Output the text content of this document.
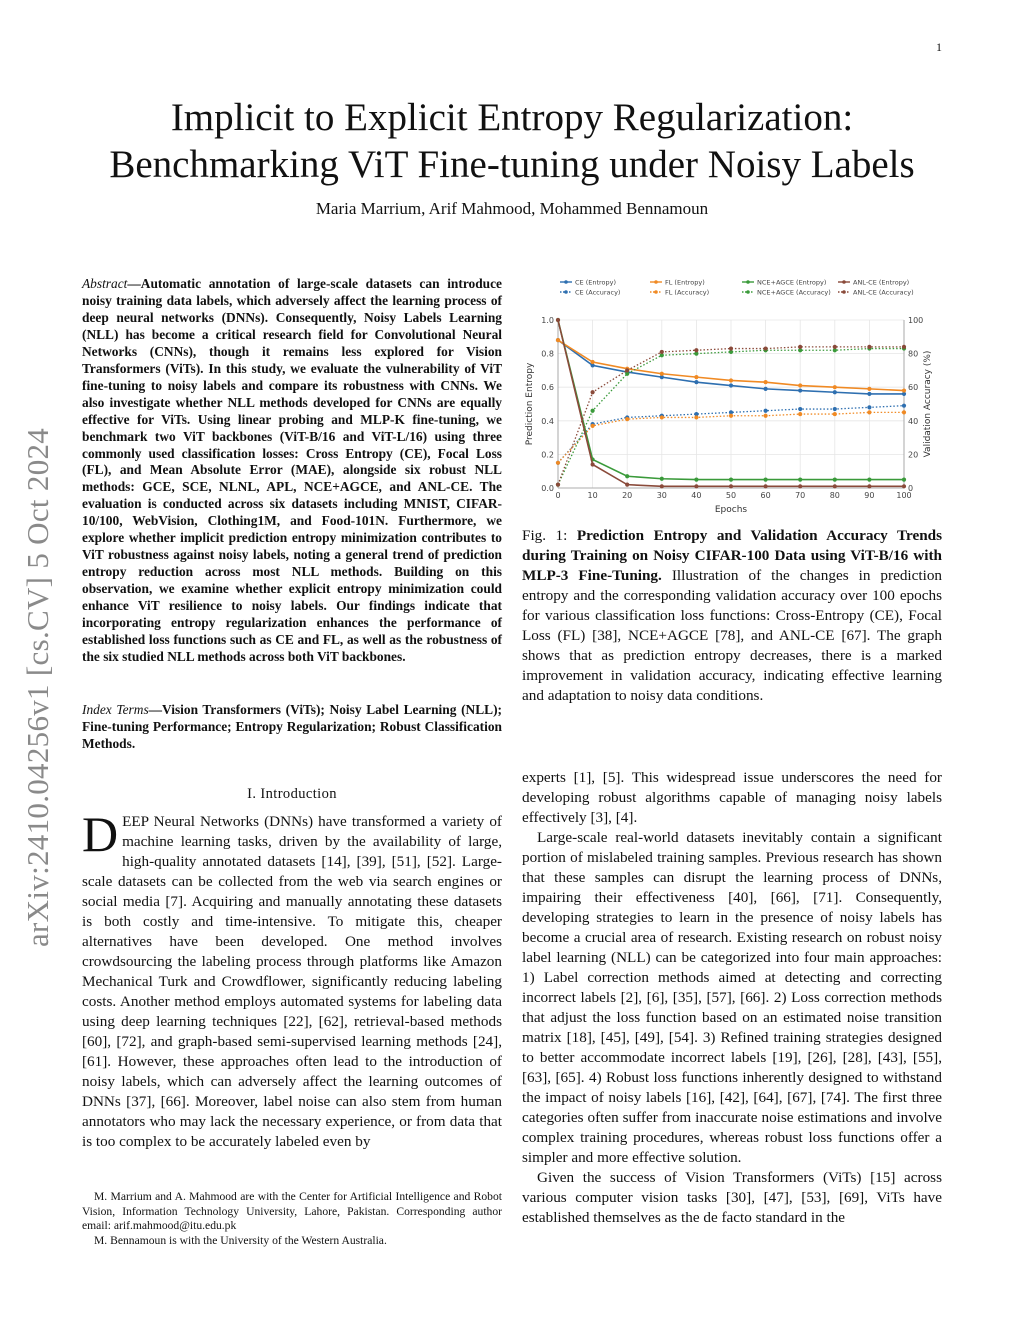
1
arXiv:2410.04256v1 [cs.CV] 5 Oct 2024
Implicit to Explicit Entropy Regularization:
Benchmarking ViT Fine-tuning under Noisy Labels
Maria Marrium, Arif Mahmood, Mohammed Bennamoun
Abstract—Automatic annotation of large-scale datasets can introduce noisy training data labels, which adversely affect the learning process of deep neural networks (DNNs). Consequently, Noisy Labels Learning (NLL) has become a critical research field for Convolutional Neural Networks (CNNs), though it remains less explored for Vision Transformers (ViTs). In this study, we evaluate the vulnerability of ViT fine-tuning to noisy labels and compare its robustness with CNNs. We also investigate whether NLL methods developed for CNNs are equally effective for ViTs. Using linear probing and MLP-K fine-tuning, we benchmark two ViT backbones (ViT-B/16 and ViT-L/16) using three commonly used classification losses: Cross Entropy (CE), Focal Loss (FL), and Mean Absolute Error (MAE), alongside six robust NLL methods: GCE, SCE, NLNL, APL, NCE+AGCE, and ANL-CE. The evaluation is conducted across six datasets including MNIST, CIFAR-10/100, WebVision, Clothing1M, and Food-101N. Furthermore, we explore whether implicit prediction entropy minimization contributes to ViT robustness against noisy labels, noting a general trend of prediction entropy reduction across most NLL methods. Building on this observation, we examine whether explicit entropy minimization could enhance ViT resilience to noisy labels. Our findings indicate that incorporating entropy regularization enhances the performance of established loss functions such as CE and FL, as well as the robustness of the six studied NLL methods across both ViT backbones.
Index Terms—Vision Transformers (ViTs); Noisy Label Learning (NLL); Fine-tuning Performance; Entropy Regularization; Robust Classification Methods.
I. Introduction
DEEP Neural Networks (DNNs) have transformed a variety of machine learning tasks, driven by the availability of large, high-quality annotated datasets [14], [39], [51], [52]. Large-scale datasets can be collected from the web via search engines or social media [7]. Acquiring and manually annotating these datasets is both costly and time-intensive. To mitigate this, cheaper alternatives have been developed. One method involves crowdsourcing the labeling process through platforms like Amazon Mechanical Turk and Crowdflower, significantly reducing labeling costs. Another method employs automated systems for labeling data using deep learning techniques [22], [62], retrieval-based methods [60], [72], and graph-based semi-supervised learning methods [24], [61]. However, these approaches often lead to the introduction of noisy labels, which can adversely affect the learning outcomes of DNNs [37], [66]. Moreover, label noise can also stem from human annotators who may lack the necessary experience, or from data that is too complex to be accurately labeled even by

M. Marrium and A. Mahmood are with the Center for Artificial Intelligence and Robot Vision, Information Technology University, Lahore, Pakistan. Corresponding author email: arif.mahmood@itu.edu.pk

M. Bennamoun is with the University of the Western Australia.

CE (Entropy)
CE (Accuracy)
FL (Entropy)
FL (Accuracy)
NCE+AGCE (Entropy)
NCE+AGCE (Accuracy)
ANL-CE (Entropy)
ANL-CE (Accuracy)
0	10	20	30	40	50	60	70	80	90	100
0.0
0.2
0.4
0.6
0.8
1.0
0
20
40
60
80
100
Epochs
Prediction Entropy	Validation Accuracy (%)
Fig. 1: Prediction Entropy and Validation Accuracy Trends during Training on Noisy CIFAR-100 Data using ViT-B/16 with MLP-3 Fine-Tuning. Illustration of the changes in prediction entropy and the corresponding validation accuracy over 100 epochs for various classification loss functions: Cross-Entropy (CE), Focal Loss (FL) [38], NCE+AGCE [78], and ANL-CE [67]. The graph shows that as prediction entropy decreases, there is a marked improvement in validation accuracy, indicating effective learning and adaptation to noisy data conditions.

experts [1], [5]. This widespread issue underscores the need for developing robust algorithms capable of managing noisy labels effectively [3], [4].

Large-scale real-world datasets inevitably contain a significant portion of mislabeled training samples. Previous research has shown that these samples can disrupt the learning process of DNNs, impairing their effectiveness [40], [66], [71]. Consequently, developing strategies to learn in the presence of noisy labels has become a crucial area of research. Existing research on robust noisy label learning (NLL) can be categorized into four main approaches: 1) Label correction methods aimed at detecting and correcting incorrect labels [2], [6], [35], [57], [66]. 2) Loss correction methods that adjust the loss function based on an estimated noise transition matrix [18], [45], [49], [54]. 3) Refined training strategies designed to better accommodate incorrect labels [19], [26], [28], [43], [55], [63], [65]. 4) Robust loss functions inherently designed to withstand the impact of noisy labels [16], [42], [64], [67], [74]. The first three categories often suffer from inaccurate noise estimations and involve complex training procedures, whereas robust loss functions offer a simpler and more effective solution.

Given the success of Vision Transformers (ViTs) [15] across various computer vision tasks [30], [47], [53], [69], ViTs have established themselves as the de facto standard in the
